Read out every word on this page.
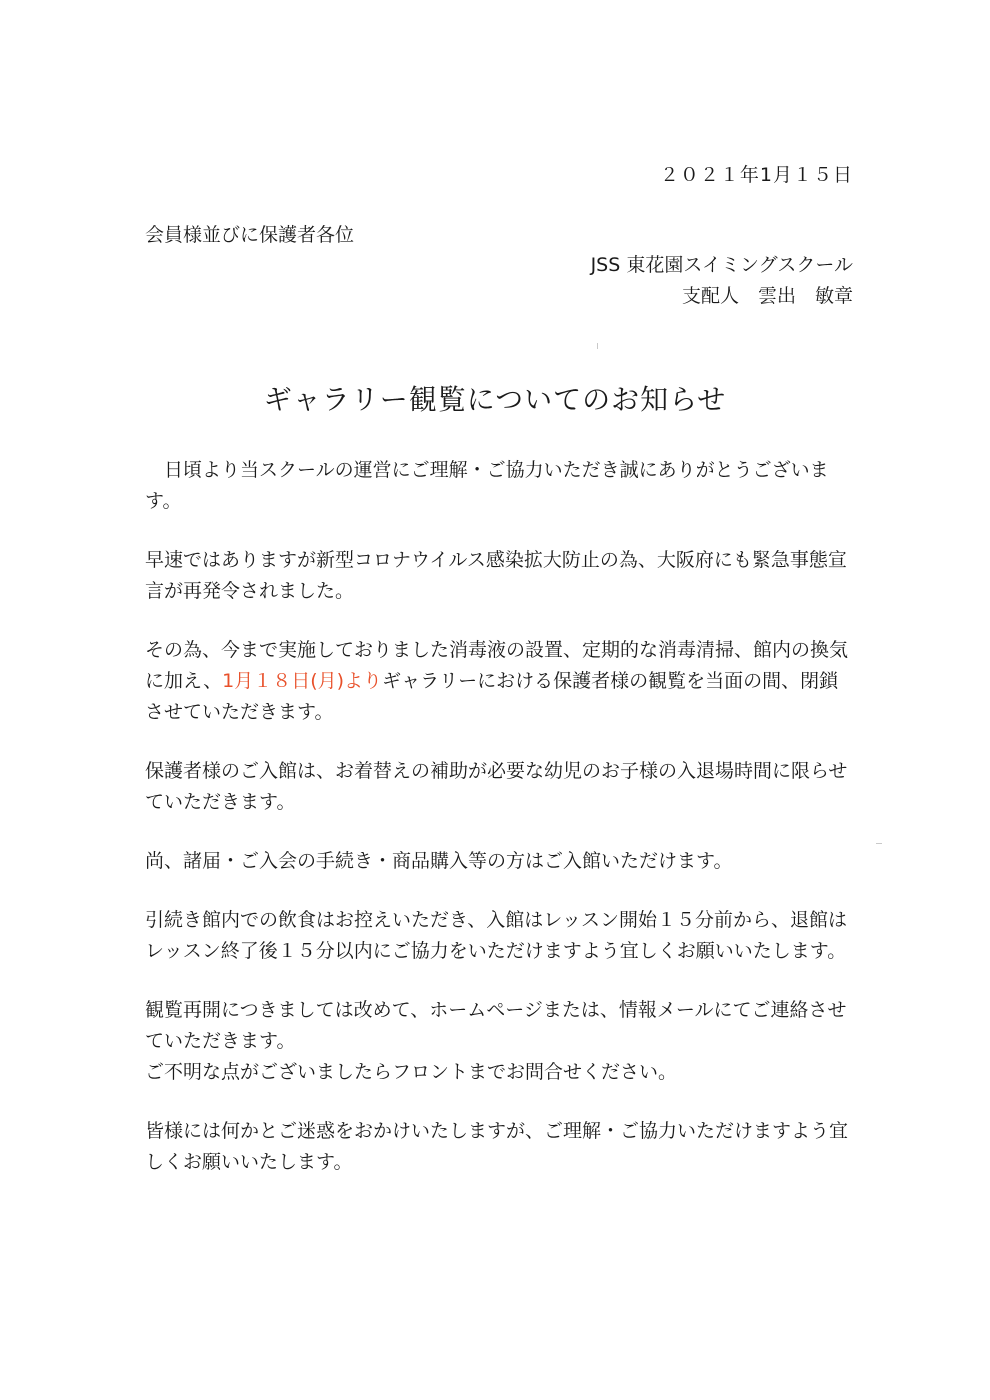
２０２１年1月１５日
会員様並びに保護者各位
JSS 東花園スイミングスクール
支配人　雲出　敏章
ギャラリー観覧についてのお知らせ

日頃より当スクールの運営にご理解・ご協力いただき誠にありがとうございます。

早速ではありますが新型コロナウイルス感染拡大防止の為、大阪府にも緊急事態宣言が再発令されました。

その為、今まで実施しておりました消毒液の設置、定期的な消毒清掃、館内の換気に加え、1月１８日(月)よりギャラリーにおける保護者様の観覧を当面の間、閉鎖させていただきます。

保護者様のご入館は、お着替えの補助が必要な幼児のお子様の入退場時間に限らせていただきます。

尚、諸届・ご入会の手続き・商品購入等の方はご入館いただけます。

引続き館内での飲食はお控えいただき、入館はレッスン開始１５分前から、退館はレッスン終了後１５分以内にご協力をいただけますよう宜しくお願いいたします。

観覧再開につきましては改めて、ホームページまたは、情報メールにてご連絡させていただきます。

ご不明な点がございましたらフロントまでお問合せください。

皆様には何かとご迷惑をおかけいたしますが、ご理解・ご協力いただけますよう宜しくお願いいたします。
